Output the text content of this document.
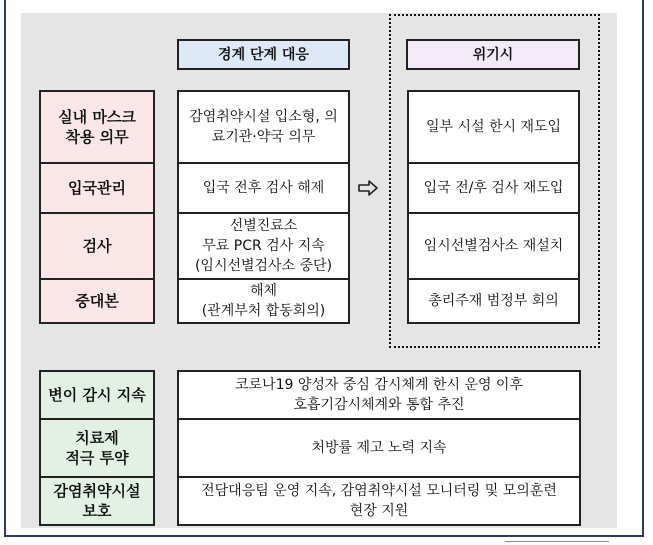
경계 단계 대응	위기시
실내 마스크
착용 의무
입국관리
검사
중대본
감염취약시설 입소형, 의
료기관·약국 의무
입국 전후 검사 해제
선별진료소
무료 PCR 검사 지속
(임시선별검사소 중단)
해체
(관계부처 합동회의)
일부 시설 한시 재도입
입국 전/후 검사 재도입
임시선별검사소 재설치
총리주재 범정부 회의
변이 감시 지속
치료제
적극 투약
감염취약시설
보호
코로나19 양성자 중심 감시체계 한시 운영 이후
호흡기감시체계와 통합 추진
처방률 제고 노력 지속
전담대응팀 운영 지속, 감염취약시설 모니터링 및 모의훈련
현장 지원
